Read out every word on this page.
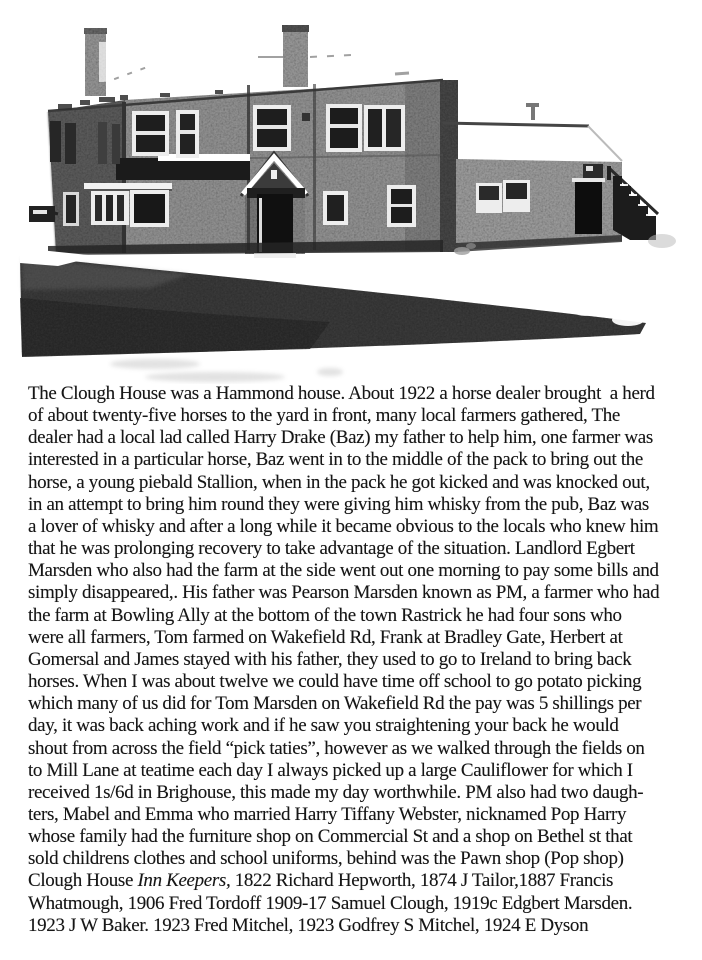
The Clough House was a Hammond house. About 1922 a horse dealer brought  a herd
of about twenty-five horses to the yard in front, many local farmers gathered, The
dealer had a local lad called Harry Drake (Baz) my father to help him, one farmer was
interested in a particular horse, Baz went in to the middle of the pack to bring out the
horse, a young piebald Stallion, when in the pack he got kicked and was knocked out,
in an attempt to bring him round they were giving him whisky from the pub, Baz was
a lover of whisky and after a long while it became obvious to the locals who knew him
that he was prolonging recovery to take advantage of the situation. Landlord Egbert
Marsden who also had the farm at the side went out one morning to pay some bills and
simply disappeared,. His father was Pearson Marsden known as PM, a farmer who had
the farm at Bowling Ally at the bottom of the town Rastrick he had four sons who
were all farmers, Tom farmed on Wakefield Rd, Frank at Bradley Gate, Herbert at
Gomersal and James stayed with his father, they used to go to Ireland to bring back
horses. When I was about twelve we could have time off school to go potato picking
which many of us did for Tom Marsden on Wakefield Rd the pay was 5 shillings per
day, it was back aching work and if he saw you straightening your back he would
shout from across the field “pick taties”, however as we walked through the fields on
to Mill Lane at teatime each day I always picked up a large Cauliflower for which I
received 1s/6d in Brighouse, this made my day worthwhile. PM also had two daugh-
ters, Mabel and Emma who married Harry Tiffany Webster, nicknamed Pop Harry
whose family had the furniture shop on Commercial St and a shop on Bethel st that
sold childrens clothes and school uniforms, behind was the Pawn shop (Pop shop)
Clough House Inn Keepers, 1822 Richard Hepworth, 1874 J Tailor,1887 Francis
Whatmough, 1906 Fred Tordoff 1909-17 Samuel Clough, 1919c Edgbert Marsden.
1923 J W Baker. 1923 Fred Mitchel, 1923 Godfrey S Mitchel, 1924 E Dyson
